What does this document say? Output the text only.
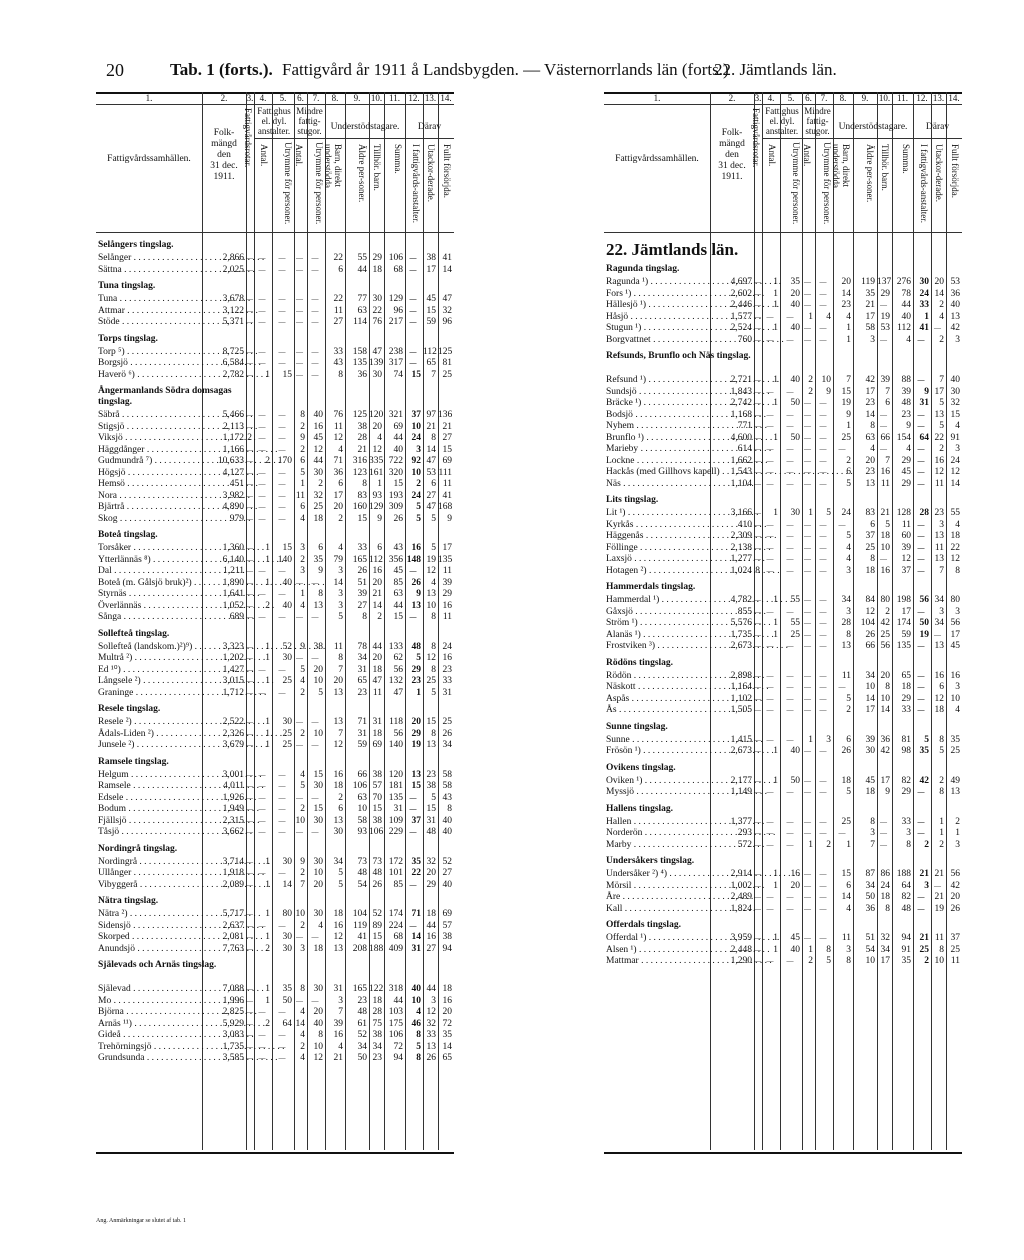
20	Tab. 1 (forts.). Fattigvård år 1911 å Landsbygden. — Västernorrlands län (forts.)
22. Jämtlands län.
1.	2.	3. 4.	5.	6. 7.	8.	9.	10. 11. 12. 13. 14.
Fattigvårdssamhällen.
Folk-
mängd
den
31 dec.
1911.
Fattigvårdsrotar. Fattighus el. dyl. anstalter.
Mindre fattig-stugor.
Antal. Utrymme för personer. Antal. Utrymme för personer.
Understödstagare.	Därav
Barn, direkt understödda.	Äldre per-soner. Tillhör. barn. Summa. I fattigvårds-anstalter. Utackor-derade. Fullt försörjda.
Selångers tingslag.
Selånger . . .	2,866 — —	—	—	—	22	55 29 106 —	38 41
Sättna . . .	2,025 — —	—	—	—	6	44 18	68 —	17 14
Tuna tingslag.
Tuna . . .	3,678 — —	—	—	—	22	77 30 129 —	45 47
Attmar . . .	3,122 — —	—	—	—	11	63 22	96 —	15 32
Stöde . . .	5,371 — —	—	—	—	27	114 76 217 —	59 96
Torps tingslag.
Torp ⁵) . . .	8,725 — —	—	—	—	33	158 47 238 — 112 125
Borgsjö . . .	6,584 — —	—	—	—	43	135 139 317 —	65 81
Haverö ⁶) . . .	2,782 —	1	15 —	—	8	36 30	74 15	7 25
Ångermanlands Södra domsagas tingslag.
Säbrå . . .	5,466 — —	—	8 40	76	125 120 321 37 97 136
Stigsjö . . .	2,113 — —	—	2 16	11	38 20	69 10 21 21
Viksjö . . .	1,172 2 —	—	9 45	12	28	4	44 24	8 27
Häggdånger . . .	1,166 — —	—	2 12	4	21 12	40	3 14 15
Gudmundrå ⁷) . . .	10,633 —	2 170 6 44	71	316 335 722 92 47 69
Högsjö . . .	4,127 — —	—	5 30	36	123 161 320 10 53 111
Hemsö . . .	451 — —	—	1	2	6	8	1	15	2	6 11
Nora . . .	3,982 — —	—	11 32	17	83 93 193 24 27 41
Bjärtrå . . .	4,890 — —	—	6 25	20	160 129 309	5 47 168
Skog . . .	979 — —	—	4 18	2	15	9	26	5	5	9
Boteå tingslag.
Torsåker . . .	1,360 —	1	15 3	6	4	33	6	43 16	5 17
Ytterlännäs ⁸) . . .	6,140 —	1 140 2 35	79	165 112 356 148 19 135
Dal . . .	1,211 — —	—	3	9	3	26 16	45 —	12 11
Boteå (m. Gålsjö bruk)²) . . .	1,890 —	1	40 —	—	14	51 20	85 26	4 39
Styrnäs . . .	1,641 — —	—	1	8	3	39 21	63	9 13 29
Överlännäs . . .	1,052 —	2	40 4 13	3	27 14	44 13 10 16
Sånga . . .	689 — —	—	—	—	5	8	2	15 —	8 11
Sollefteå tingslag.
Sollefteå (landskom.)²)⁹) . . .	3,323 —	1	52 9 38	11	78 44 133 48	8 24
Multrå ²) . . .	1,202 —	1	30 —	—	8	34 20	62	5 12 16
Ed ¹⁰) . . .	1,427 — —	—	5 20	7	31 18	56 29	8 23
Långsele ²) . . .	3,015 —	1	25 4 10	20	65 47 132 23 25 33
Graninge . . .	1,712 — —	—	2	5	13	23 11	47	1	5 31
Resele tingslag.
Resele ²) . . .	2,522 —	1	30 —	—	13	71 31 118 20 15 25
Ådals-Liden ²) . . .	2,326 —	1	25 2 10	7	31 18	56 29	8 26
Junsele ²) . . .	3,679 —	1	25 —	—	12	59 69 140 19 13 34
Ramsele tingslag.
Helgum . . .	3,001 — —	—	4 15	16	66 38 120 13 23 58
Ramsele . . .	4,011 — —	—	5 30	18	106 57 181 15 38 58
Edsele . . .	1,926 — —	—	—	—	2	63 70 135 —	5 43
Bodum . . .	1,949 — —	—	2 15	6	10 15	31 —	15	8
Fjällsjö . . .	2,315 — —	—	10 30	13	58 38 109 37 31 40
Tåsjö . . .	3,662 — —	—	—	—	30	93 106 229 —	48 40
Nordingrå tingslag.
Nordingrå . . .	3,714 —	1	30 9 30	34	73 73 172 35 32 52
Ullånger . . .	1,918 — —	—	2 10	5	48 48 101 22 20 27
Vibyggerå . . .	2,089 —	1	14 7 20	5	54 26	85 —	29 40
Nätra tingslag.
Nätra ²) . . .	5,717 —	1	80 10 30	18	104 52 174 71 18 69
Sidensjö . . .	2,637 — —	—	2	4	16	119 89 224 —	44 57
Skorped . . .	2,081 —	1	30 —	—	12	41 15	68 14 16 38
Anundsjö . . .	7,763 —	2	30 3 18	13	208 188 409 31 27 94
Själevads och Arnäs tingslag.
Själevad . . .	7,088 —	1	35 8 30	31	165 122 318 40 44 18
Mo . . .	1,996 —	1	50 —	—	3	23 18	44 10	3 16
Björna . . .	2,825 — —	—	4 20	7	48 28 103	4 12 20
Arnäs ¹¹) . . .	5,929 —	2	64 14 40	39	61 75 175 46 32 72
Gideå . . .	3,083 — —	—	4	8	16	52 38 106	8 33 35
Trehörningsjö . . .	1,735 — —	—	2 10	4	34 34	72	5 13 14
Grundsunda . . .	3,585 — —	—	4 12	21	50 23	94	8 26 65
1.	2.	3. 4.	5.	6. 7.	8.	9.	10. 11. 12. 13. 14.
Fattigvårdssamhällen.
Folk-
mängd
den
31 dec.
1911.
Fattigvårdsrotar. Fattighus el. dyl. anstalter.
Mindre fattig-stugor.
Antal. Utrymme för personer. Antal. Utrymme för personer.
Understödstagare.	Därav
Barn, direkt understödda.	Äldre per-soner. Tillhör. barn. Summa. I fattigvårds-anstalter. Utackor-derade. Fullt försörjda.
22. Jämtlands län.
Ragunda tingslag.
Ragunda ¹) . . .	4,697 —	1	35 —	—	20	119 137 276 30 20 53
Fors ¹) . . .	2,602 —	1	20 —	—	14	35 29	78 24 14 36
Hällesjö ¹) . . .	2,446 —	1	40 —	—	23	21 —	44 33	2 40
Håsjö . . .	1,577 — —	—	1	4	4	17 19	40	1	4 13
Stugun ¹) . . .	2,524 —	1	40 —	—	1	58 53 112 41 —	42
Borgvattnet . . .	760 — —	—	—	—	1	3 —	4 —	2	3
Refsunds, Brunflo och Näs tingslag.
Refsund ¹) . . .	2,721 —	1	40 2 10	7	42 39	88 —	7 40
Sundsjö . . .	1,843 — —	—	2	9	15	17	7	39	9 17 30
Bräcke ¹) . . .	2,742 —	1	50 —	—	19	23	6	48 31	5 32
Bodsjö . . .	1,168 — —	—	—	—	9	14 —	23 —	13 15
Nyhem . . .	771 — —	—	—	—	1	8 —	9 —	5	4
Brunflo ¹) . . .	4,600 —	1	50 —	—	25	63 66 154 64 22 91
Marieby . . .	614 — —	—	—	—	—	4 —	4 —	2	3
Lockne . . .	1,662 — —	—	—	—	2	20	7	29 —	16 24
Hackås (med Gillhovs kapell) . . .	1,543 — —	—	—	—	6	23 16	45 —	12 12
Näs . . .	1,104 — —	—	—	—	5	13 11	29 —	11 14
Lits tingslag.
Lit ¹) . . .	3,166 —	1	30 1	5	24	83 21 128 28 23 55
Kyrkås . . .	410 — —	—	—	—	—	6	5	11 —	3	4
Häggenås . . .	2,309 — —	—	—	—	5	37 18	60 —	13 18
Föllinge . . .	2,138 — —	—	—	—	4	25 10	39 —	11 22
Laxsjö . . .	1,277 — —	—	—	—	4	8 —	12 —	13 12
Hotagen ²) . . .	1,024 8 —	—	—	—	3	18 16	37 —	7	8
Hammerdals tingslag.
Hammerdal ¹) . . .	4,782 —	1	55 —	—	34	84 80 198 56 34 80
Gåxsjö . . .	855 — —	—	—	—	3	12	2	17 —	3	3
Ström ¹) . . .	5,576 —	1	55 —	—	28	104 42 174 50 34 56
Alanäs ¹) . . .	1,735 —	1	25 —	—	8	26 25	59 19 —	17
Frostviken ³) . . .	2,673 — —	—	—	—	13	66 56 135 —	13 45
Rödöns tingslag.
Rödön . . .	2,898 — —	—	—	—	11	34 20	65 —	16 16
Näskott . . .	1,164 — —	—	—	—	—	10	8	18 —	6	3
Aspås . . .	1,102 — —	—	—	—	5	14 10	29 —	12 10
Ås . . .	1,505 — —	—	—	—	2	17 14	33 —	18	4
Sunne tingslag.
Sunne . . .	1,415 — —	—	1	3	6	39 36	81	5	8 35
Frösön ¹) . . .	2,673 —	1	40 —	—	26	30 42	98 35	5 25
Ovikens tingslag.
Oviken ¹) . . .	2,177 —	1	50 —	—	18	45 17	82 42	2 49
Myssjö . . .	1,149 — —	—	—	—	5	18	9	29 —	8 13
Hallens tingslag.
Hallen . . .	1,377 — —	—	—	—	25	8 —	33 —	1	2
Norderön . . .	293 — —	—	—	—	—	3 —	3 —	1	1
Marby . . .	572 — —	—	1	2	1	7 —	8	2	2	3
Undersåkers tingslag.
Undersåker ²) ⁴) . . .	2,914 —	1	16 —	—	15	87 86 188 21 21 56
Mörsil . . .	1,002 —	1	20 —	—	6	34 24	64	3 —	42
Åre . . .	2,489 — —	—	—	—	14	50 18	82 —	21 20
Kall . . .	1,824 — —	—	—	—	4	36	8	48 —	19 26
Offerdals tingslag.
Offerdal ¹) . . .	3,959 —	1	45 —	—	11	51 32	94 21 11 37
Alsen ¹) . . .	2,448 —	1	40 1	8	3	54 34	91 25	8 25
Mattmar . . .	1,290 — —	—	2	5	8	10 17	35	2 10 11
Ang. Anmärkningar se slutet af tab. 1
